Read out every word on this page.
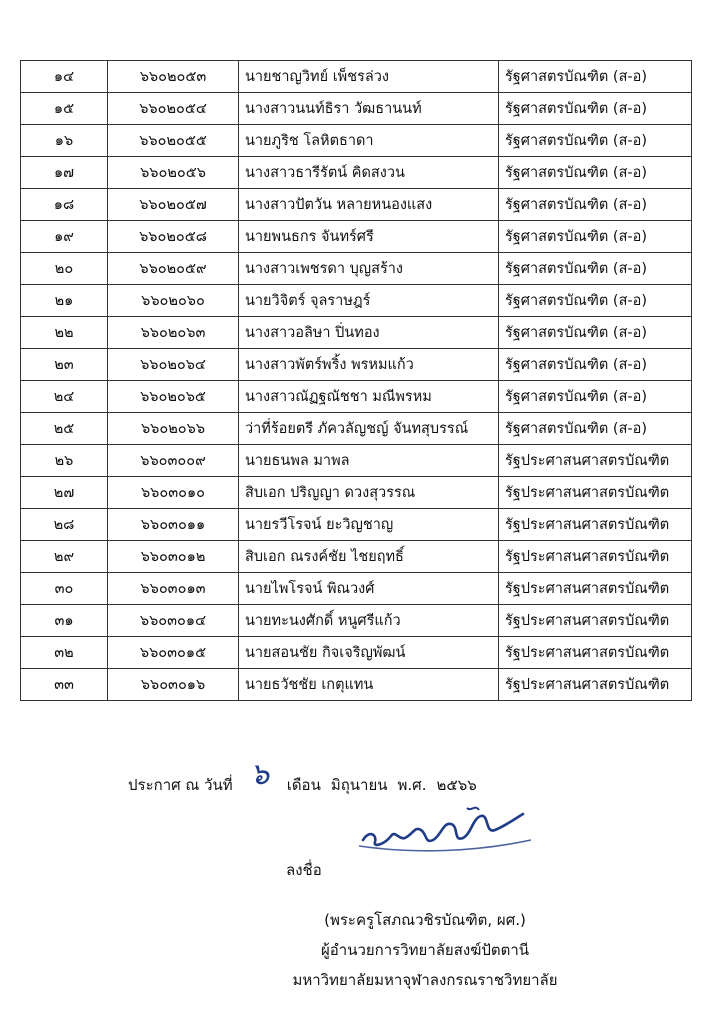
๑๔	๖๖๐๒๐๕๓	นายชาญวิทย์ เพ็ชรล่วง	รัฐศาสตรบัณฑิต (ส-อ)
๑๕	๖๖๐๒๐๕๔	นางสาวนนท์ธิรา วัฒธานนท์	รัฐศาสตรบัณฑิต (ส-อ)
๑๖	๖๖๐๒๐๕๕	นายภูริช โลหิตธาดา	รัฐศาสตรบัณฑิต (ส-อ)
๑๗	๖๖๐๒๐๕๖	นางสาวธารีรัตน์ คิดสงวน	รัฐศาสตรบัณฑิต (ส-อ)
๑๘	๖๖๐๒๐๕๗	นางสาวปัตวัน หลายหนองแสง	รัฐศาสตรบัณฑิต (ส-อ)
๑๙	๖๖๐๒๐๕๘	นายพนธกร จันทร์ศรี	รัฐศาสตรบัณฑิต (ส-อ)
๒๐	๖๖๐๒๐๕๙	นางสาวเพชรดา บุญสร้าง	รัฐศาสตรบัณฑิต (ส-อ)
๒๑	๖๖๐๒๐๖๐	นายวิจิตร์ จุลราษฎร์	รัฐศาสตรบัณฑิต (ส-อ)
๒๒	๖๖๐๒๐๖๓	นางสาวอลิษา ปิ่นทอง	รัฐศาสตรบัณฑิต (ส-อ)
๒๓	๖๖๐๒๐๖๔	นางสาวพัตร์พริ้ง พรหมแก้ว	รัฐศาสตรบัณฑิต (ส-อ)
๒๔	๖๖๐๒๐๖๕	นางสาวณัฏฐณัชชา มณีพรหม	รัฐศาสตรบัณฑิต (ส-อ)
๒๕	๖๖๐๒๐๖๖	ว่าที่ร้อยตรี ภัควลัญชญ์ จันทสุบรรณ์	รัฐศาสตรบัณฑิต (ส-อ)
๒๖	๖๖๐๓๐๐๙	นายธนพล มาพล	รัฐประศาสนศาสตรบัณฑิต
๒๗	๖๖๐๓๐๑๐	สิบเอก ปริญญา ดวงสุวรรณ	รัฐประศาสนศาสตรบัณฑิต
๒๘	๖๖๐๓๐๑๑	นายรวีโรจน์ ยะวิญชาญ	รัฐประศาสนศาสตรบัณฑิต
๒๙	๖๖๐๓๐๑๒	สิบเอก ณรงค์ชัย ไชยฤทธิ์	รัฐประศาสนศาสตรบัณฑิต
๓๐	๖๖๐๓๐๑๓	นายไพโรจน์ พิณวงศ์	รัฐประศาสนศาสตรบัณฑิต
๓๑	๖๖๐๓๐๑๔	นายทะนงศักดิ์ หนูศรีแก้ว	รัฐประศาสนศาสตรบัณฑิต
๓๒	๖๖๐๓๐๑๕	นายสอนชัย กิจเจริญพัฒน์	รัฐประศาสนศาสตรบัณฑิต
๓๓	๖๖๐๓๐๑๖	นายธวัชชัย เกตุแทน	รัฐประศาสนศาสตรบัณฑิต
ประกาศ ณ วันที่ ๖ เดือน มิถุนายน พ.ศ. ๒๕๖๖
ลงชื่อ
(พระครูโสภณวชิรบัณฑิต, ผศ.)
ผู้อำนวยการวิทยาลัยสงฆ์ปัตตานี
มหาวิทยาลัยมหาจุฬาลงกรณราชวิทยาลัย
